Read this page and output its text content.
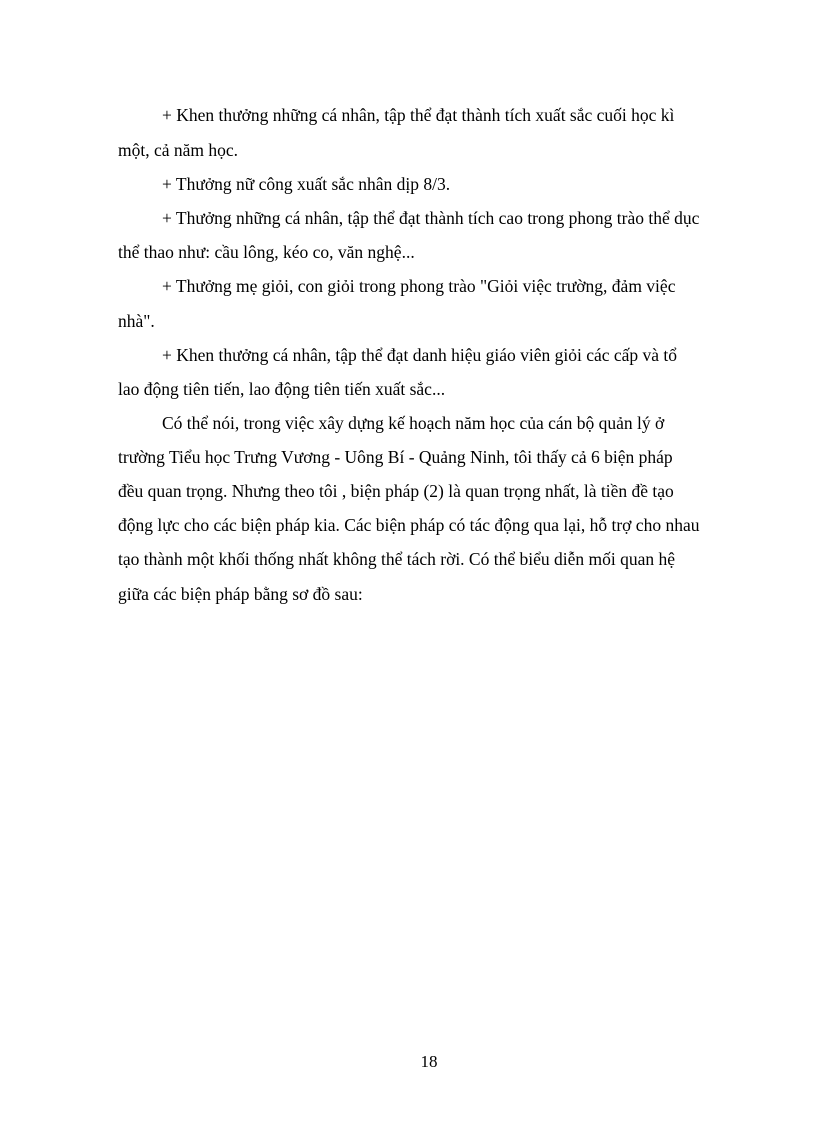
+ Khen thưởng những cá nhân, tập thể đạt thành tích xuất sắc cuối học kì
một, cả năm học.
+ Thưởng nữ công xuất sắc nhân dịp 8/3.
+ Thưởng những cá nhân, tập thể đạt thành tích cao trong phong trào thể dục
thể thao như: cầu lông, kéo co, văn nghệ...
+ Thưởng mẹ giỏi, con giỏi trong phong trào "Giỏi việc trường, đảm việc
nhà".
+ Khen thưởng cá nhân, tập thể đạt danh hiệu giáo viên giỏi các cấp và tổ
lao động tiên tiến, lao động tiên tiến xuất sắc...
Có thể nói, trong việc xây dựng kế hoạch năm học của cán bộ quản lý ở
trường Tiểu học Trưng Vương - Uông Bí - Quảng Ninh, tôi thấy cả 6 biện pháp
đều quan trọng. Nhưng theo tôi , biện pháp (2) là quan trọng nhất, là tiền đề tạo
động lực cho các biện pháp kia. Các biện pháp có tác động qua lại, hỗ trợ cho nhau
tạo thành một khối thống nhất không thể tách rời. Có thể biểu diễn mối quan hệ
giữa các biện pháp bằng sơ đồ sau:
18
